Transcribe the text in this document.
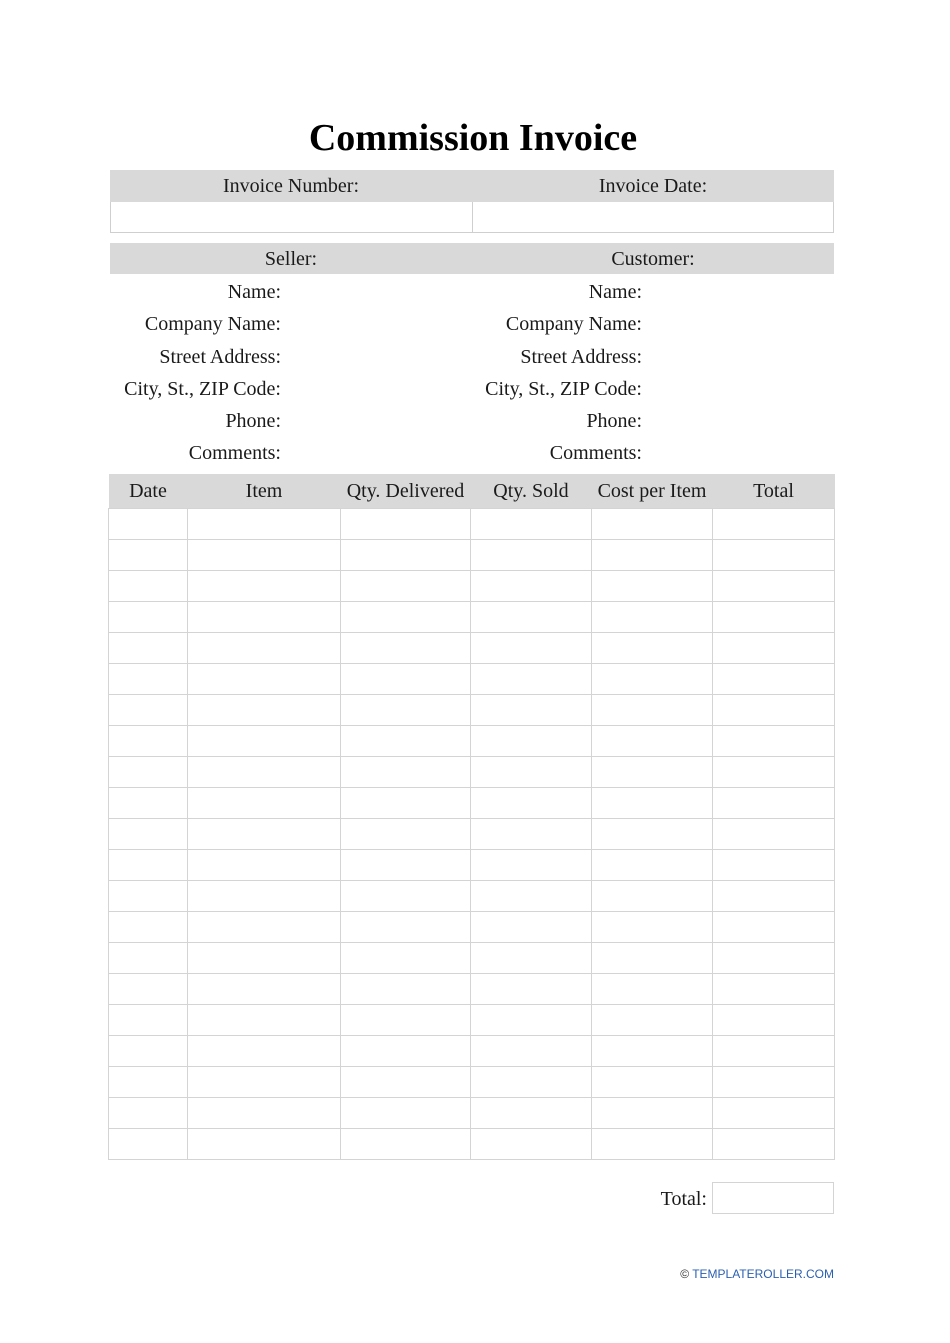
Commission Invoice
Invoice Number:	Invoice Date:
Seller:	Customer:
Name:
Company Name:
Street Address:
City, St., ZIP Code:
Phone:
Comments:
Name:
Company Name:
Street Address:
City, St., ZIP Code:
Phone:
Comments:
Date	Item	Qty. Delivered	Qty. Sold	Cost per Item	Total

Total:
© TEMPLATEROLLER.COM
